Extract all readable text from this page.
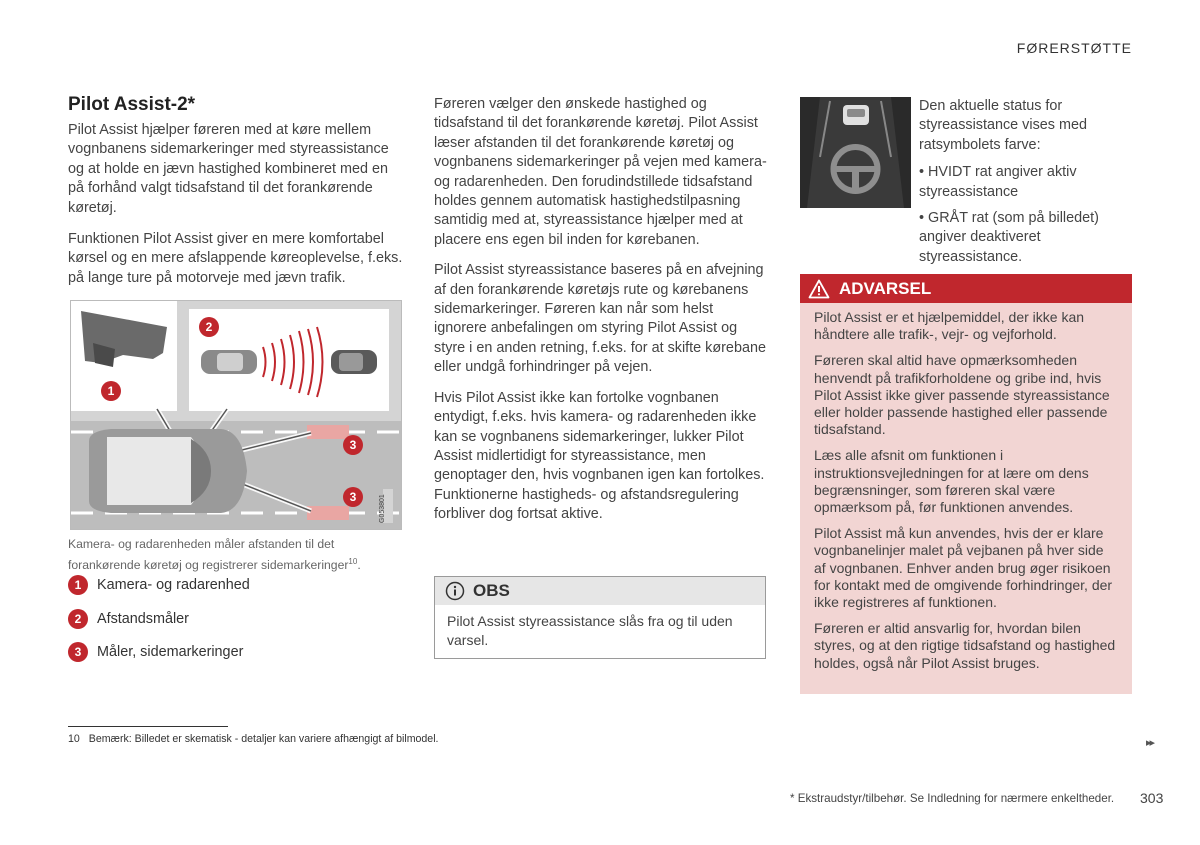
FØRERSTØTTE
Pilot Assist-2*

Pilot Assist hjælper føreren med at køre mellem vognbanens sidemarkeringer med styreassistance og at holde en jævn hastighed kombineret med en på forhånd valgt tidsafstand til det forankørende køretøj.

Funktionen Pilot Assist giver en mere komfortabel kørsel og en mere afslappende køreoplevelse, f.eks. på lange ture på motorveje med jævn trafik.

G053801
1
2
3
3
Kamera- og radarenheden måler afstanden til det forankørende køretøj og registrerer sidemarkeringer$^{10}$.
1	Kamera- og radarenhed
2	Afstandsmåler
3	Måler, sidemarkeringer

Føreren vælger den ønskede hastighed og tidsafstand til det forankørende køretøj. Pilot Assist læser afstanden til det forankørende køretøj og vognbanens sidemarkeringer på vejen med kamera- og radarenheden. Den forudindstillede tidsafstand holdes gennem automatisk hastighedstilpasning samtidig med at, styreassistance hjælper med at placere ens egen bil inden for kørebanen.

Pilot Assist styreassistance baseres på en afvejning af den forankørende køretøjs rute og kørebanens sidemarkeringer. Føreren kan når som helst ignorere anbefalingen om styring Pilot Assist og styre i en anden retning, f.eks. for at skifte kørebane eller undgå forhindringer på vejen.

Hvis Pilot Assist ikke kan fortolke vognbanen entydigt, f.eks. hvis kamera- og radarenheden ikke kan se vognbanens sidemarkeringer, lukker Pilot Assist midlertidigt for styreassistance, men genoptager den, hvis vognbanen igen kan fortolkes. Funktionerne hastigheds- og afstandsregulering forbliver dog fortsat aktive.

OBS
Pilot Assist styreassistance slås fra og til uden varsel.

Den aktuelle status for styreassistance vises med ratsymbolets farve:

• HVIDT rat angiver aktiv styreassistance

• GRÅT rat (som på billedet) angiver deaktiveret styreassistance.

ADVARSEL

Pilot Assist er et hjælpemiddel, der ikke kan håndtere alle trafik-, vejr- og vejforhold.

Føreren skal altid have opmærksomheden henvendt på trafikforholdene og gribe ind, hvis Pilot Assist ikke giver passende styreassistance eller holder passende hastighed eller passende tidsafstand.

Læs alle afsnit om funktionen i instruktionsvejledningen for at lære om dens begrænsninger, som føreren skal være opmærksom på, før funktionen anvendes.

Pilot Assist må kun anvendes, hvis der er klare vognbanelinjer malet på vejbanen på hver side af vognbanen. Enhver anden brug øger risikoen for kontakt med de omgivende forhindringer, der ikke registreres af funktionen.

Føreren er altid ansvarlig for, hvordan bilen styres, og at den rigtige tidsafstand og hastighed holdes, også når Pilot Assist bruges.

10 Bemærk: Billedet er skematisk - detaljer kan variere afhængigt af bilmodel.	▸▸
* Ekstraudstyr/tilbehør. Se Indledning for nærmere enkeltheder. 303
